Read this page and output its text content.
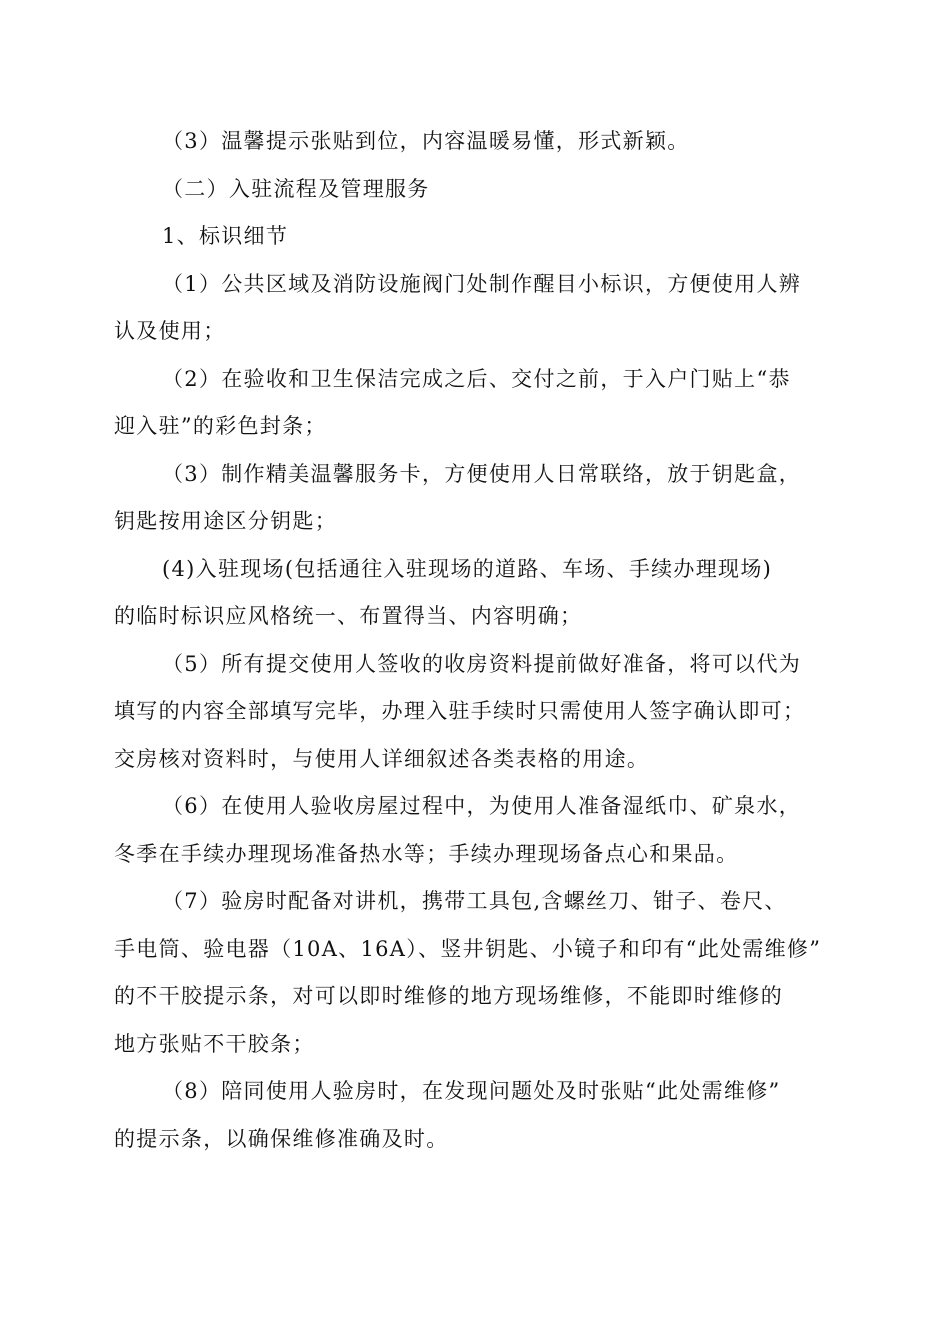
（3）温馨提示张贴到位，内容温暖易懂，形式新颖。

（二）入驻流程及管理服务

1、标识细节

（1）公共区域及消防设施阀门处制作醒目小标识，方便使用人辨
认及使用；

（2）在验收和卫生保洁完成之后、交付之前，于入户门贴上“恭
迎入驻”的彩色封条；

（3）制作精美温馨服务卡，方便使用人日常联络，放于钥匙盒，
钥匙按用途区分钥匙；

(4)入驻现场(包括通往入驻现场的道路、车场、手续办理现场)
的临时标识应风格统一、布置得当、内容明确；

（5）所有提交使用人签收的收房资料提前做好准备，将可以代为
填写的内容全部填写完毕，办理入驻手续时只需使用人签字确认即可；
交房核对资料时，与使用人详细叙述各类表格的用途。

（6）在使用人验收房屋过程中，为使用人准备湿纸巾、矿泉水，
冬季在手续办理现场准备热水等；手续办理现场备点心和果品。

（7）验房时配备对讲机，携带工具包,含螺丝刀、钳子、卷尺、
手电筒、验电器（10A、16A）、竖井钥匙、小镜子和印有“此处需维修”
的不干胶提示条，对可以即时维修的地方现场维修，不能即时维修的
地方张贴不干胶条；

（8）陪同使用人验房时，在发现问题处及时张贴“此处需维修”
的提示条，以确保维修准确及时。
